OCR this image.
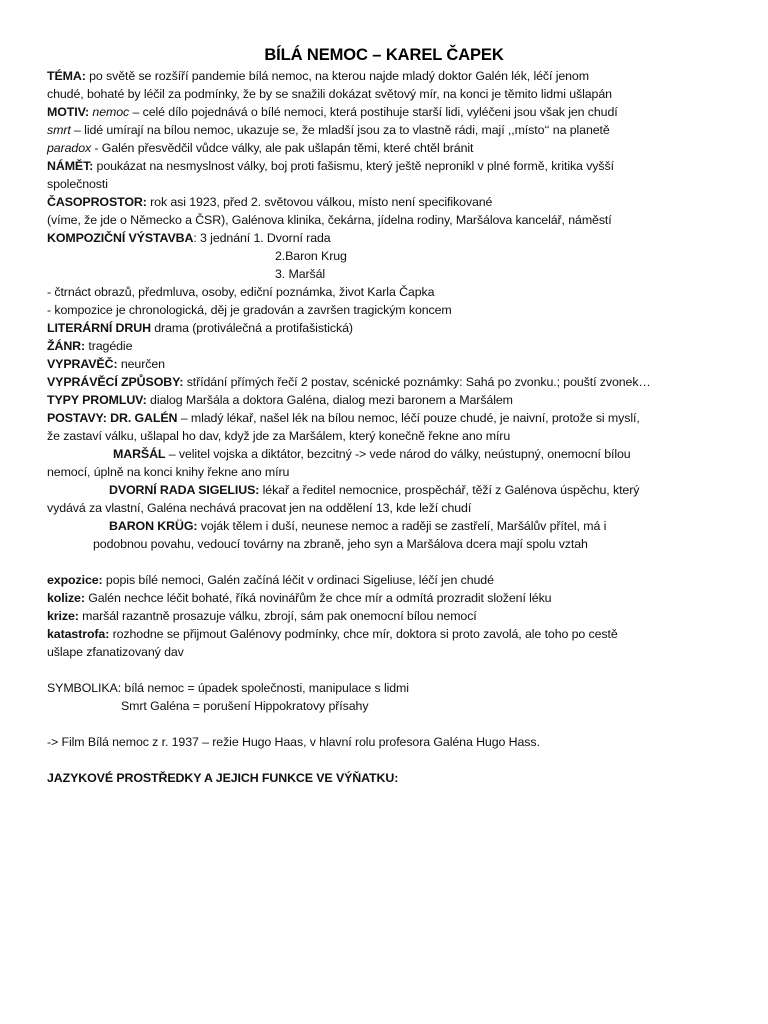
BÍLÁ NEMOC – KAREL ČAPEK
TÉMA: po světě se rozšíří pandemie bílá nemoc, na kterou najde mladý doktor Galén lék, léčí jenom
chudé, bohaté by léčil za podmínky, že by se snažili dokázat světový mír, na konci je těmito lidmi ušlapán
MOTIV: nemoc – celé dílo pojednává o bílé nemoci, která postihuje starší lidi, vyléčeni jsou však jen chudí
smrt – lidé umírají na bílou nemoc, ukazuje se, že mladší jsou za to vlastně rádi, mají ,,místo‘‘ na planetě
paradox - Galén přesvědčil vůdce války, ale pak ušlapán těmi, které chtěl bránit
NÁMĚT: poukázat na nesmyslnost války, boj proti fašismu, který ještě nepronikl v plné formě, kritika vyšší
společnosti
ČASOPROSTOR: rok asi 1923, před 2. světovou válkou, místo není specifikované
(víme, že jde o Německo a ČSR), Galénova klinika, čekárna, jídelna rodiny, Maršálova kancelář, náměstí
KOMPOZIČNÍ VÝSTAVBA: 3 jednání 1. Dvorní rada
2.Baron Krug
3. Maršál
- čtrnáct obrazů, předmluva, osoby, ediční poznámka, život Karla Čapka
- kompozice je chronologická, děj je gradován a završen tragickým koncem
LITERÁRNÍ DRUH drama (protiválečná a protifašistická)
ŽÁNR: tragédie
VYPRAVĚČ: neurčen
VYPRÁVĚCÍ ZPŮSOBY: střídání přímých řečí 2 postav, scénické poznámky: Sahá po zvonku.; pouští zvonek…
TYPY PROMLUV: dialog Maršála a doktora Galéna, dialog mezi baronem a Maršálem
POSTAVY: DR. GALÉN – mladý lékař, našel lék na bílou nemoc, léčí pouze chudé, je naivní, protože si myslí,
že zastaví válku, ušlapal ho dav, když jde za Maršálem, který konečně řekne ano míru
MARŠÁL – velitel vojska a diktátor, bezcitný -> vede národ do války, neústupný, onemocní bílou
nemocí, úplně na konci knihy řekne ano míru
DVORNÍ RADA SIGELIUS: lékař a ředitel nemocnice, prospěchář, těží z Galénova úspěchu, který
vydává za vlastní, Galéna nechává pracovat jen na oddělení 13, kde leží chudí
BARON KRÜG: voják tělem i duší, neunese nemoc a raději se zastřelí, Maršálův přítel, má i
podobnou povahu, vedoucí továrny na zbraně, jeho syn a Maršálova dcera mají spolu vztah
expozice: popis bílé nemoci, Galén začíná léčit v ordinaci Sigeliuse, léčí jen chudé
kolize: Galén nechce léčit bohaté, říká novinářům že chce mír a odmítá prozradit složení léku
krize: maršál razantně prosazuje válku, zbrojí, sám pak onemocní bílou nemocí
katastrofa: rozhodne se přijmout Galénovy podmínky, chce mír, doktora si proto zavolá, ale toho po cestě
ušlape zfanatizovaný dav
SYMBOLIKA: bílá nemoc = úpadek společnosti, manipulace s lidmi
Smrt Galéna = porušení Hippokratovy přísahy
-> Film Bílá nemoc z r. 1937 – režie Hugo Haas, v hlavní rolu profesora Galéna Hugo Hass.
JAZYKOVÉ PROSTŘEDKY A JEJICH FUNKCE VE VÝŇATKU:
